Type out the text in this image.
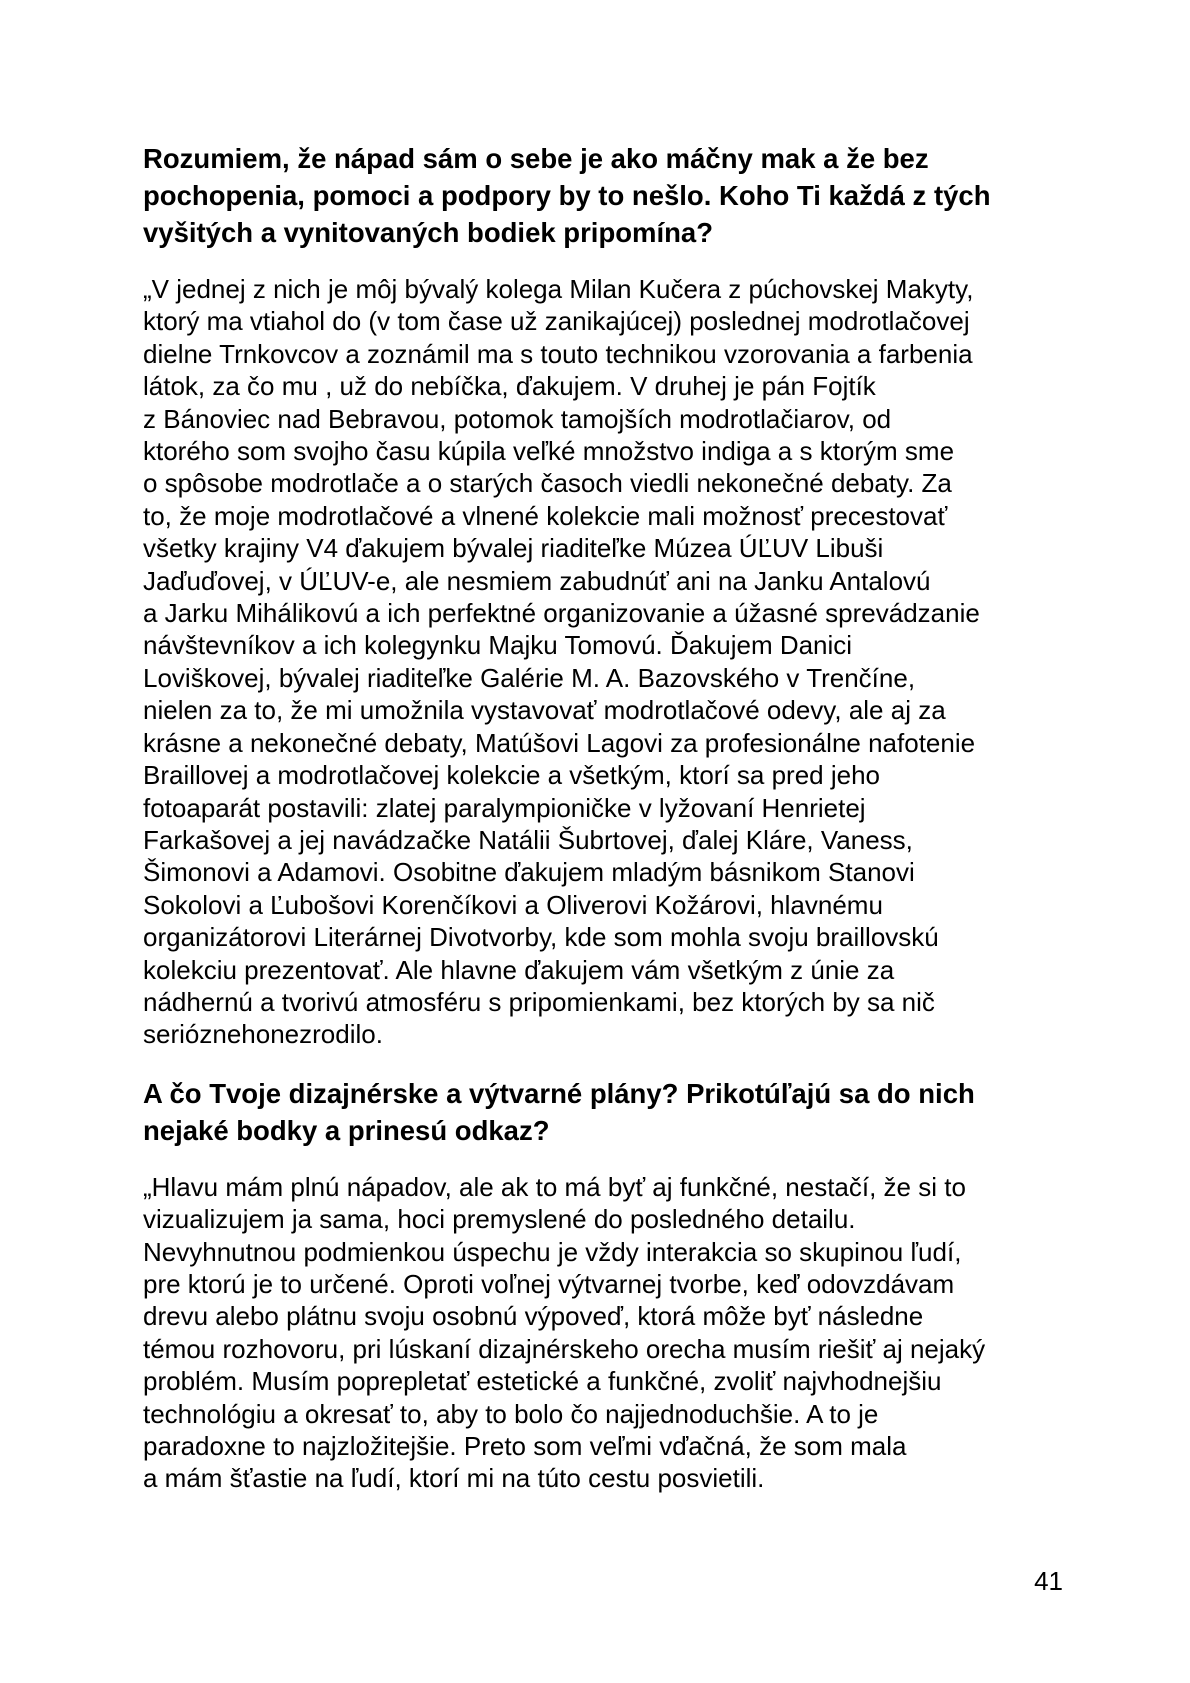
Rozumiem, že nápad sám o sebe je ako máčny mak a že bez
pochopenia, pomoci a podpory by to nešlo. Koho Ti každá z tých
vyšitých a vynitovaných bodiek pripomína?

„V jednej z nich je môj bývalý kolega Milan Kučera z púchovskej Makyty,
ktorý ma vtiahol do (v tom čase už zanikajúcej) poslednej modrotlačovej
dielne Trnkovcov a zoznámil ma s touto technikou vzorovania a farbenia
látok, za čo mu , už do nebíčka, ďakujem. V druhej je pán Fojtík
z Bánoviec nad Bebravou, potomok tamojších modrotlačiarov, od
ktorého som svojho času kúpila veľké množstvo indiga a s ktorým sme
o spôsobe modrotlače a o starých časoch viedli nekonečné debaty. Za
to, že moje modrotlačové a vlnené kolekcie mali možnosť precestovať
všetky krajiny V4 ďakujem bývalej riaditeľke Múzea ÚĽUV Libuši
Jaďuďovej, v ÚĽUV-e, ale nesmiem zabudnúť ani na Janku Antalovú
a Jarku Mihálikovú a ich perfektné organizovanie a úžasné sprevádzanie
návštevníkov a ich kolegynku Majku Tomovú. Ďakujem Danici
Loviškovej, bývalej riaditeľke Galérie M. A. Bazovského v Trenčíne,
nielen za to, že mi umožnila vystavovať modrotlačové odevy, ale aj za
krásne a nekonečné debaty, Matúšovi Lagovi za profesionálne nafotenie
Braillovej a modrotlačovej kolekcie a všetkým, ktorí sa pred jeho
fotoaparát postavili: zlatej paralympioničke v lyžovaní Henrietej
Farkašovej a jej navádzačke Natálii Šubrtovej, ďalej Kláre, Vaness,
Šimonovi a Adamovi. Osobitne ďakujem mladým básnikom Stanovi
Sokolovi a Ľubošovi Korenčíkovi a Oliverovi Kožárovi, hlavnému
organizátorovi Literárnej Divotvorby, kde som mohla svoju braillovskú
kolekciu prezentovať. Ale hlavne ďakujem vám všetkým z únie za
nádhernú a tvorivú atmosféru s pripomienkami, bez ktorých by sa nič
serióznehonezrodilo.

A čo Tvoje dizajnérske a výtvarné plány? Prikotúľajú sa do nich
nejaké bodky a prinesú odkaz?

„Hlavu mám plnú nápadov, ale ak to má byť aj funkčné, nestačí, že si to
vizualizujem ja sama, hoci premyslené do posledného detailu.
Nevyhnutnou podmienkou úspechu je vždy interakcia so skupinou ľudí,
pre ktorú je to určené. Oproti voľnej výtvarnej tvorbe, keď odovzdávam
drevu alebo plátnu svoju osobnú výpoveď, ktorá môže byť následne
témou rozhovoru, pri lúskaní dizajnérskeho orecha musím riešiť aj nejaký
problém. Musím poprepletať estetické a funkčné, zvoliť najvhodnejšiu
technológiu a okresať to, aby to bolo čo najjednoduchšie. A to je
paradoxne to najzložitejšie. Preto som veľmi vďačná, že som mala
a mám šťastie na ľudí, ktorí mi na túto cestu posvietili.

41
